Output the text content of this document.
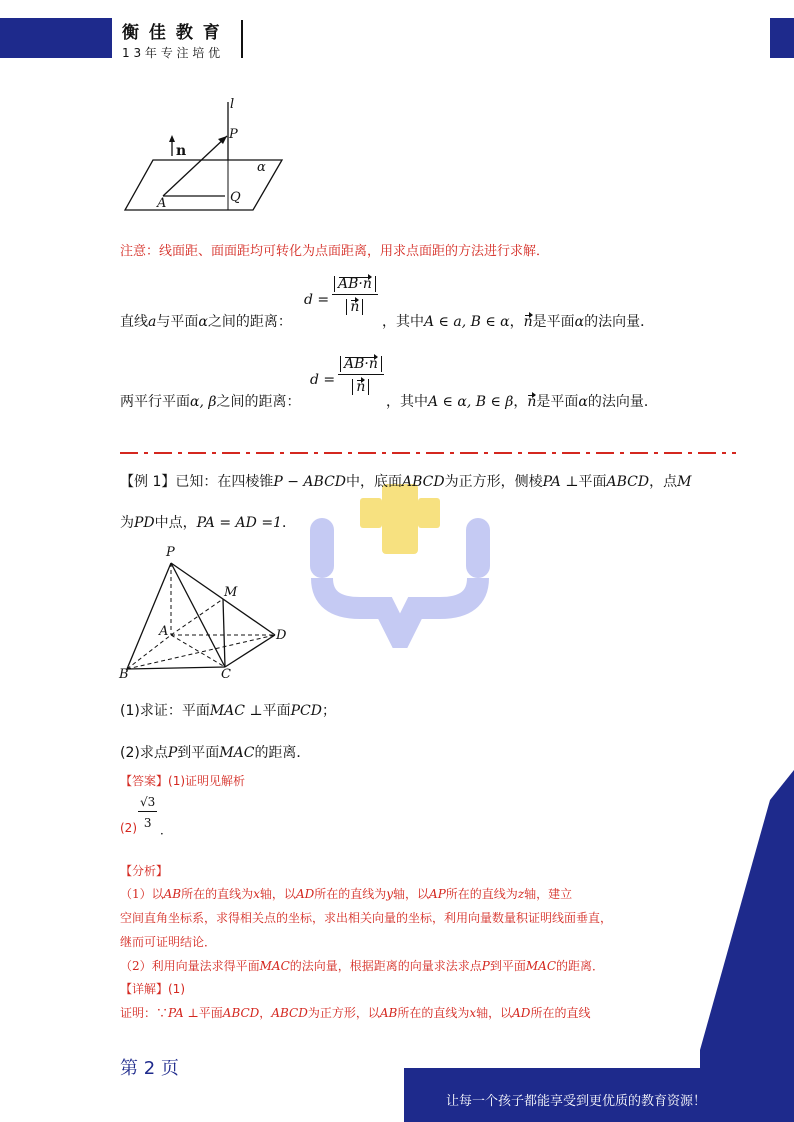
衡 佳 教 育
1 3 年 专 注 培 优
l
P
n
α
A	Q
注意：线面距、面面距均可转化为点面距离，用求点面距的方法进行求解．
直线a与平面α之间的距离：
$d = \frac{AB\cdot n}{n}$
，其中A ∈ a, B ∈ α，n是平面α的法向量．
两平行平面α, β之间的距离：
$d = \frac{AB\cdot n}{n}$
，其中A ∈ α, B ∈ β，n是平面α的法向量．
【例 1】已知：在四棱锥P − ABCD中，底面ABCD为正方形，侧棱PA ⊥平面ABCD，点M
为PD中点，PA = AD =1．
P
M
A	D
B	C
(1)求证：平面MAC ⊥平面PCD；
(2)求点P到平面MAC的距离．
【答案】(1)证明见解析
$(2) \frac{√3}{3}$ ．
【分析】
（1）以AB所在的直线为x轴，以AD所在的直线为y轴，以AP所在的直线为z轴，建立
空间直角坐标系，求得相关点的坐标，求出相关向量的坐标，利用向量数量积证明线面垂直，
继而可证明结论．
（2）利用向量法求得平面MAC的法向量，根据距离的向量求法求点P到平面MAC的距离．
【详解】(1)
证明：∵PA ⊥平面ABCD，ABCD为正方形，以AB所在的直线为x轴，以AD所在的直线
第 2 页
让每一个孩子都能享受到更优质的教育资源！
